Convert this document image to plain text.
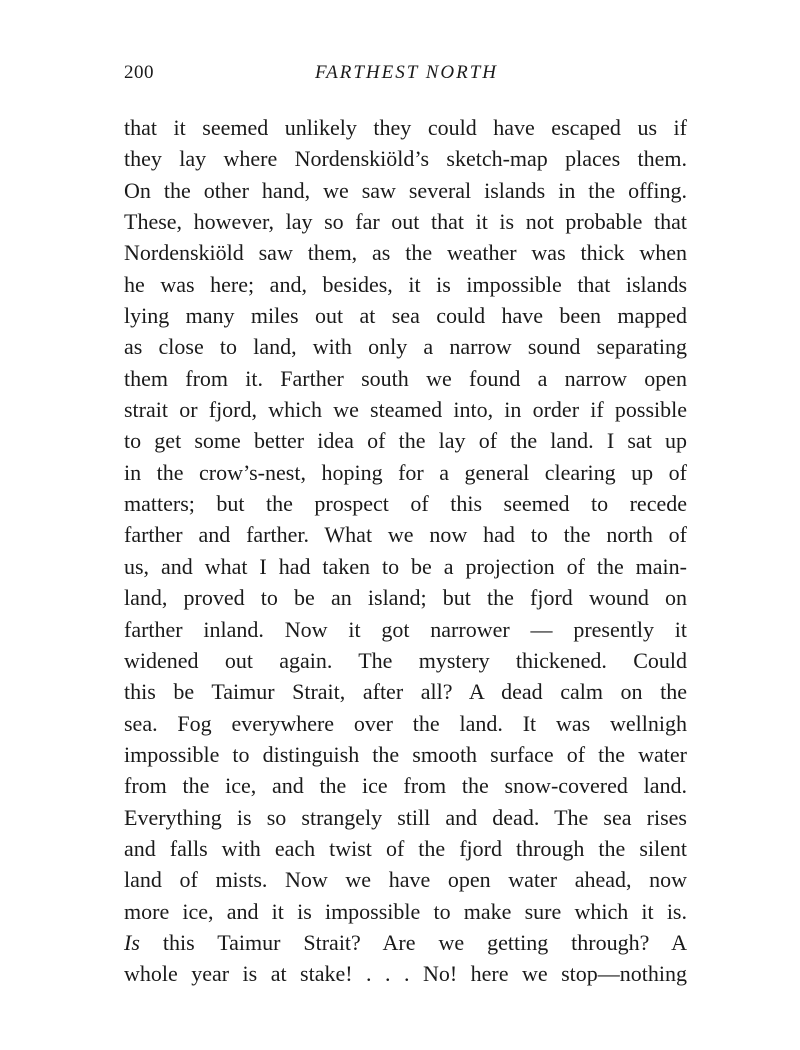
200	FARTHEST NORTH
that it seemed unlikely they could have escaped us if
they lay where Nordenskiöld’s sketch-map places them.
On the other hand, we saw several islands in the offing.
These, however, lay so far out that it is not probable that
Nordenskiöld saw them, as the weather was thick when
he was here; and, besides, it is impossible that islands
lying many miles out at sea could have been mapped
as close to land, with only a narrow sound separating
them from it. Farther south we found a narrow open
strait or fjord, which we steamed into, in order if possible
to get some better idea of the lay of the land. I sat up
in the crow’s-nest, hoping for a general clearing up of
matters; but the prospect of this seemed to recede
farther and farther. What we now had to the north of
us, and what I had taken to be a projection of the main-
land, proved to be an island; but the fjord wound on
farther inland. Now it got narrower — presently it
widened out again. The mystery thickened. Could
this be Taimur Strait, after all? A dead calm on the
sea. Fog everywhere over the land. It was wellnigh
impossible to distinguish the smooth surface of the water
from the ice, and the ice from the snow-covered land.
Everything is so strangely still and dead. The sea rises
and falls with each twist of the fjord through the silent
land of mists. Now we have open water ahead, now
more ice, and it is impossible to make sure which it is.
Is this Taimur Strait? Are we getting through? A
whole year is at stake! . . . No! here we stop—nothing
